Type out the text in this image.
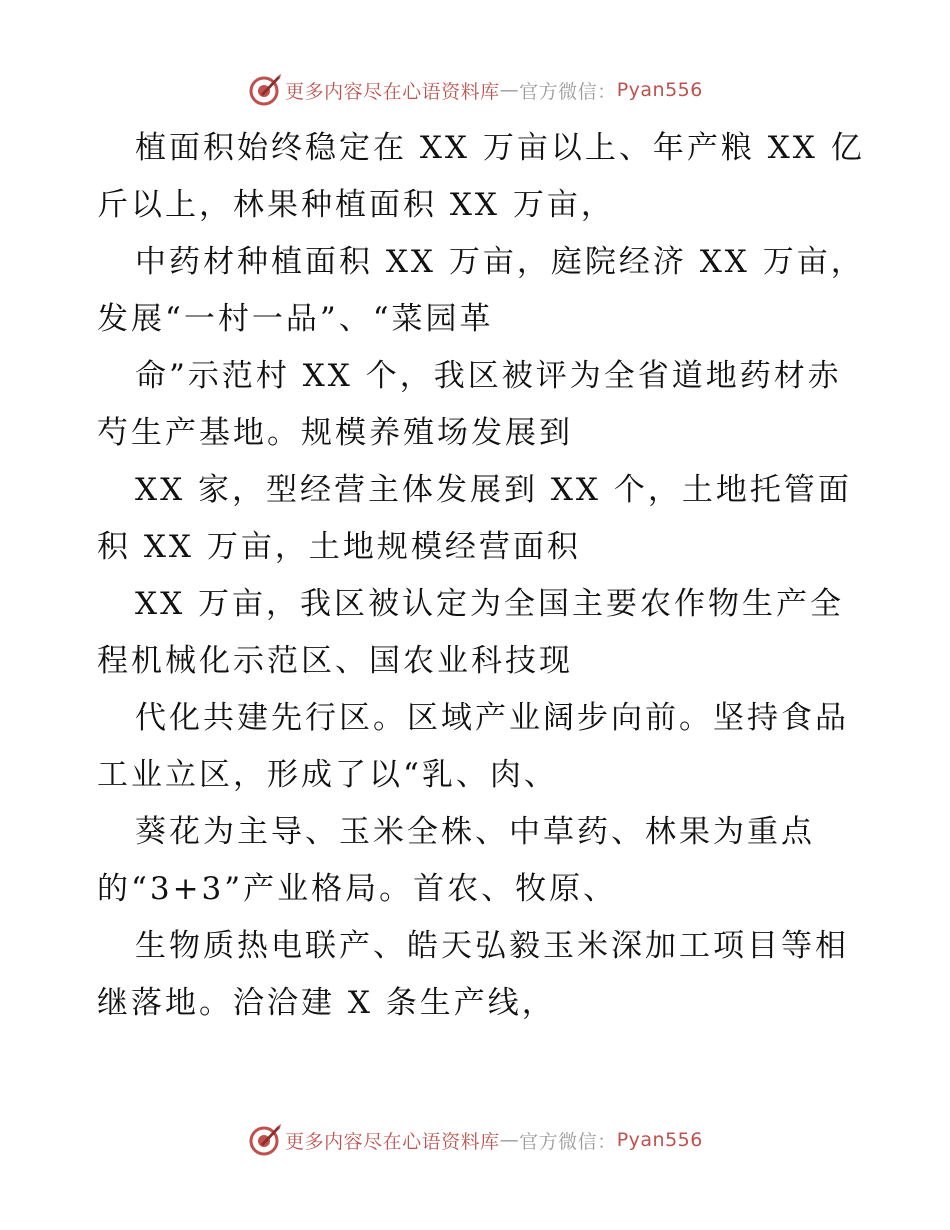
更多内容尽在心语资料库 — 官方微信： Pyan556
植面积始终稳定在 XX 万亩以上、年产粮 XX 亿
斤以上，林果种植面积 XX 万亩，
中药材种植面积 XX 万亩，庭院经济 XX 万亩，
发展“一村一品”、“菜园革
命”示范村 XX 个，我区被评为全省道地药材赤
芍生产基地。规模养殖场发展到
XX 家，型经营主体发展到 XX 个，土地托管面
积 XX 万亩，土地规模经营面积
XX 万亩，我区被认定为全国主要农作物生产全
程机械化示范区、国农业科技现
代化共建先行区。区域产业阔步向前。坚持食品
工业立区，形成了以“乳、肉、
葵花为主导、玉米全株、中草药、林果为重点
的“3+3”产业格局。首农、牧原、
生物质热电联产、皓天弘毅玉米深加工项目等相
继落地。洽洽建 X 条生产线，
更多内容尽在心语资料库 — 官方微信： Pyan556
